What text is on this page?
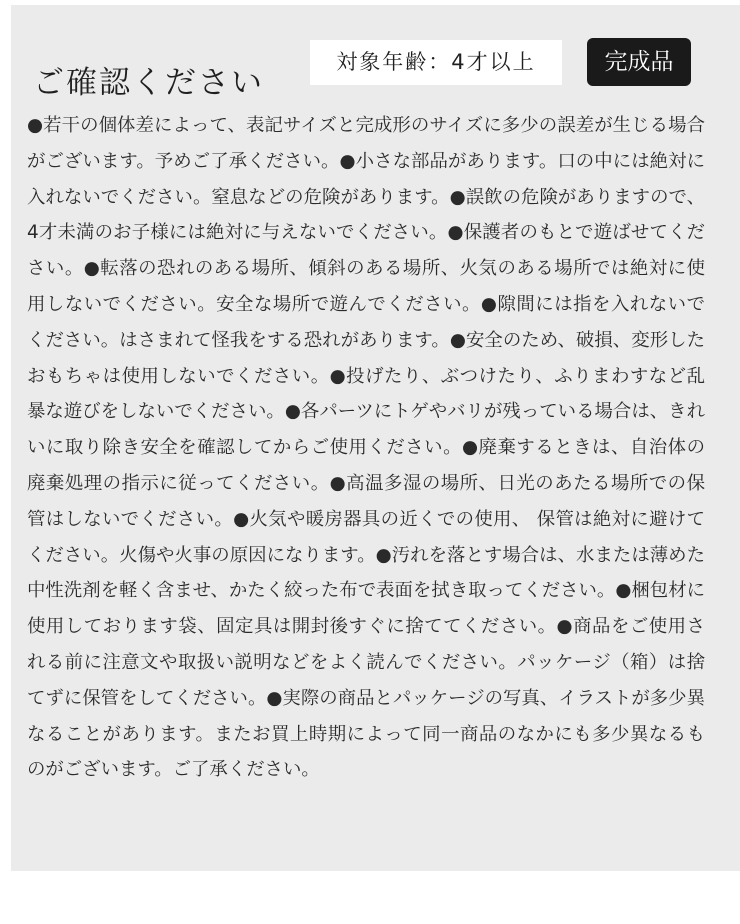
ご確認ください
対象年齢：4才以上	完成品

●若干の個体差によって、表記サイズと完成形のサイズに多少の誤差が生じる場合がございます。予めご了承ください。●小さな部品があります。口の中には絶対に入れないでください。窒息などの危険があります。●誤飲の危険がありますので、4才未満のお子様には絶対に与えないでください。●保護者のもとで遊ばせてください。●転落の恐れのある場所、傾斜のある場所、火気のある場所では絶対に使用しないでください。安全な場所で遊んでください。●隙間には指を入れないでください。はさまれて怪我をする恐れがあります。●安全のため、破損、変形したおもちゃは使用しないでください。●投げたり、ぶつけたり、ふりまわすなど乱暴な遊びをしないでください。●各パーツにトゲやバリが残っている場合は、きれいに取り除き安全を確認してからご使用ください。●廃棄するときは、自治体の廃棄処理の指示に従ってください。●高温多湿の場所、日光のあたる場所での保管はしないでください。●火気や暖房器具の近くでの使用、 保管は絶対に避けてください。火傷や火事の原因になります。●汚れを落とす場合は、水または薄めた中性洗剤を軽く含ませ、かたく絞った布で表面を拭き取ってください。●梱包材に使用しております袋、固定具は開封後すぐに捨ててください。●商品をご使用される前に注意文や取扱い説明などをよく読んでください。パッケージ（箱）は捨てずに保管をしてください。●実際の商品とパッケージの写真、イラストが多少異なることがあります。またお買上時期によって同一商品のなかにも多少異なるものがございます。ご了承ください。
